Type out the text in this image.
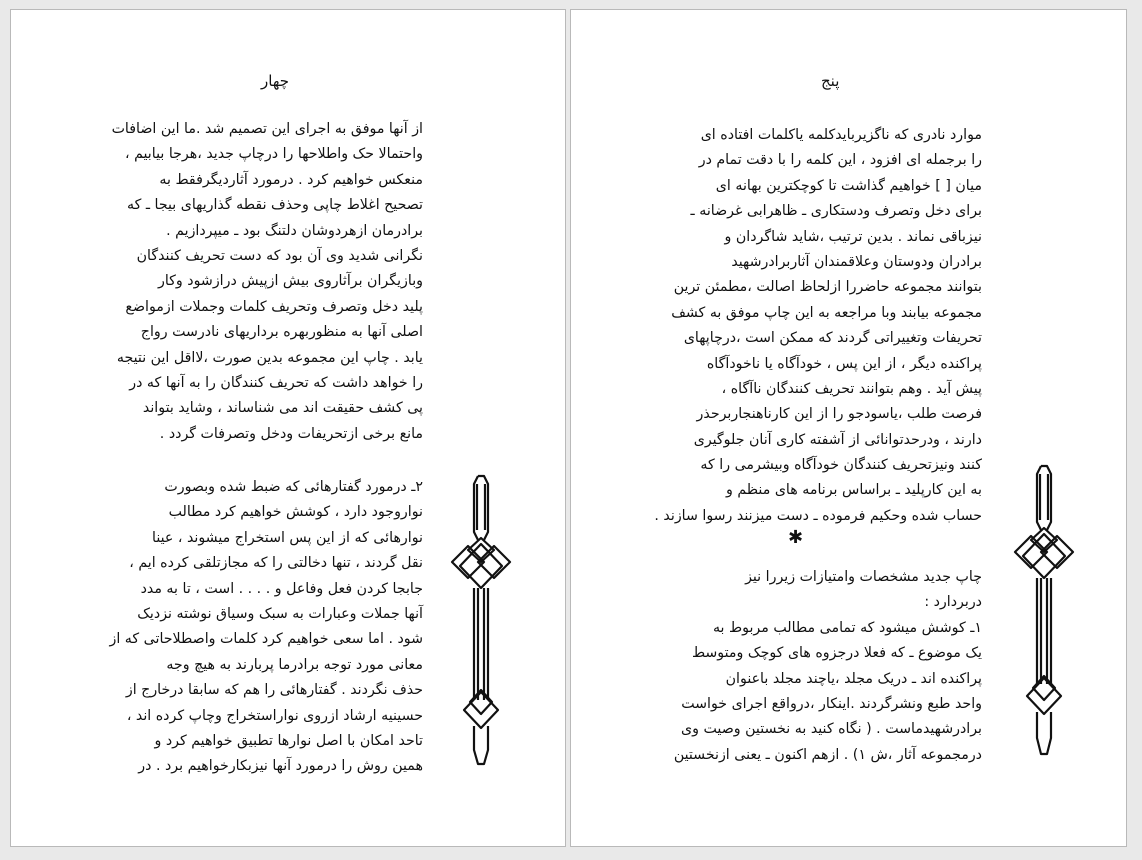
چهار
از آنها موفق به اجرای این تصمیم شد .ما این اضافات
واحتمالا حک واطلاحها را درچاپ جدید ،هرجا بیابیم ،
منعکس خواهیم کرد . درمورد آثاردیگرفقط به
تصحیح اغلاط چاپی وحذف نقطه گذاریهای بیجا ـ که
برادرمان ازهردوشان دلتنگ بود ـ میپردازیم .
نگرانی شدید وی آن بود که دست تحریف کنندگان
وبازیگران برآثاروی بیش ازپیش درازشود وکار
پلید دخل وتصرف وتحریف کلمات وجملات ازمواضع
اصلی آنها به منظوربهره برداریهای نادرست رواج
یابد . چاپ این مجموعه بدین صورت ،لااقل این نتیجه
را خواهد داشت که تحریف کنندگان را به آنها که در
پی کشف حقیقت اند می شناساند ، وشاید بتواند
مانع برخی ازتحریفات ودخل وتصرفات گردد .
۲ـ درمورد گفتارهائی که ضبط شده وبصورت
نواروجود دارد ، کوشش خواهیم کرد مطالب
نوارهائی که از این پس استخراج میشوند ، عینا
نقل گردند ، تنها دخالتی را که مجازتلقی کرده ایم ،
جابجا کردن فعل وفاعل و . . . . است ، تا به مدد
آنها جملات وعبارات به سبک وسیاق نوشته نزدیک
شود . اما سعی خواهیم کرد کلمات واصطلاحاتی که از
معانی مورد توجه برادرما پربارند به هیچ وجه
حذف نگردند . گفتارهائی را هم که سابقا درخارج از
حسینیه ارشاد ازروی نواراستخراج وچاپ کرده اند ،
تاحد امکان با اصل نوارها تطبیق خواهیم کرد و
همین روش را درمورد آنها نیزبکارخواهیم برد . در
پنج
موارد نادری که ناگزیربایدکلمه یاکلمات افتاده ای
را برجمله ای افزود ، این کلمه را با دقت تمام در
میان [ ] خواهیم گذاشت تا کوچکترین بهانه ای
برای دخل وتصرف ودستکاری ـ ظاهرابی غرضانه ـ
نیزباقی نماند . بدین ترتیب ،شاید شاگردان و
برادران ودوستان وعلاقمندان آثاربرادرشهید
بتوانند مجموعه حاضررا ازلحاظ اصالت ،مطمئن ترین
مجموعه بیابند وبا مراجعه به این چاپ موفق به کشف
تحریفات وتغییراتی گردند که ممکن است ،درچاپهای
پراکنده دیگر ، از این پس ، خودآگاه یا ناخودآگاه
پیش آید . وهم بتوانند تحریف کنندگان ناآگاه ،
فرصت طلب ،یاسودجو را از این کارناهنجاربرحذر
دارند ، ودرحدتوانائی از آشفته کاری آنان جلوگیری
کنند ونیزتحریف کنندگان خودآگاه وبیشرمی را که
به این کارپلید ـ براساس برنامه های منظم و
حساب شده وحکیم فرموده ـ دست میزنند رسوا سازند .
✱
چاپ جدید مشخصات وامتیازات زیررا نیز
دربردارد :
۱ـ کوشش میشود که تمامی مطالب مربوط به
یک موضوع ـ که فعلا درجزوه های کوچک ومتوسط
پراکنده اند ـ دریک مجلد ،یاچند مجلد باعنوان
واحد طبع ونشرگردند .اینکار ،درواقع اجرای خواست
برادرشهیدماست . ( نگاه کنید به نخستین وصیت وی
درمجموعه آثار ،ش ۱) . ازهم اکنون ـ یعنی ازنخستین
